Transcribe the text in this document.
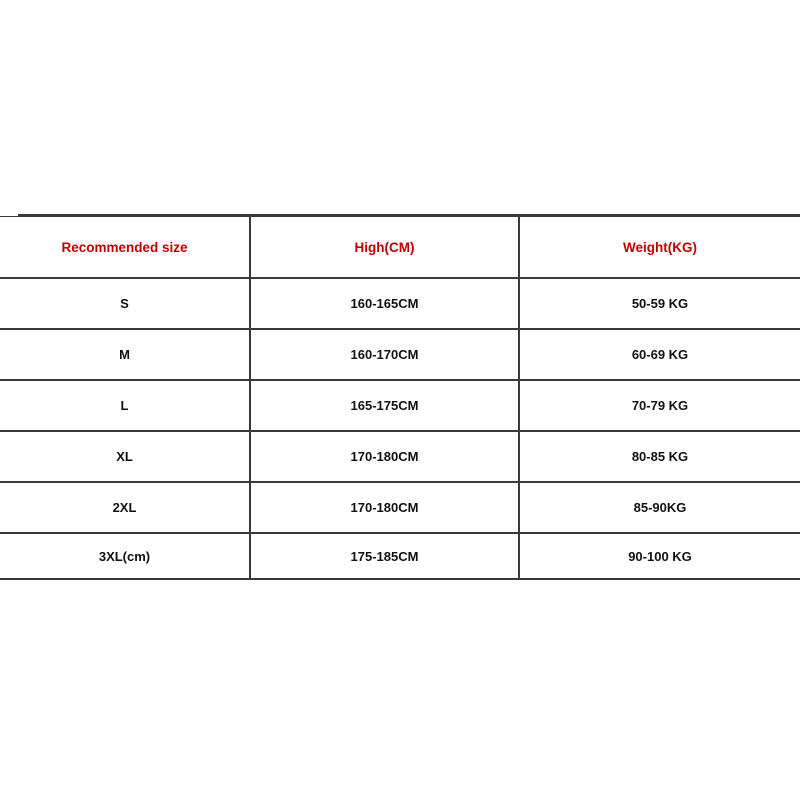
Recommended size	High(CM)	Weight(KG)
S	160-165CM	50-59 KG
M	160-170CM	60-69 KG
L	165-175CM	70-79 KG
XL	170-180CM	80-85 KG
2XL	170-180CM	85-90KG
3XL(cm)	175-185CM	90-100 KG
